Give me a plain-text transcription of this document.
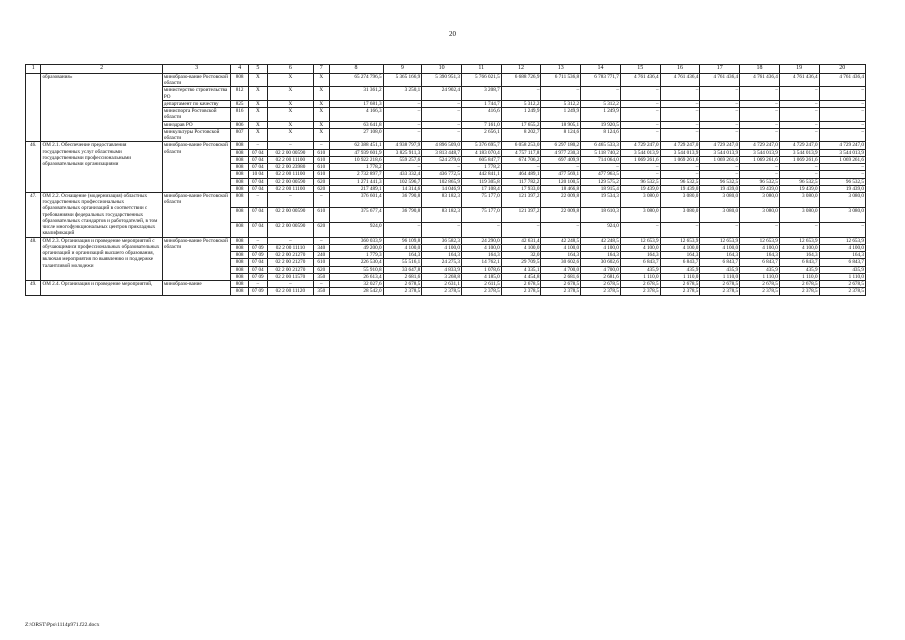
20
1	2	3	4	5	6	7	8	9	10	11	12	13	14	15	16	17	18	19	20
	образования»	минобразо-вание Ростовской области	808	X	X	X	65 274 796,5	5 365 166,9	5 390 951,3	5 766 021,5	6 688 726,9	6 711 536,8	6 783 771,7	4 761 436,4	4 761 436,4	4 761 436,4	4 761 436,4	4 761 436,4	4 761 436,4
		министерство строительства РО	812	X	X	X	31 361,2	3 250,1	24 902,4	3 208,7	–	–	–	–	–	–	–	–	–
		департамент по качеству	825	X	X	X	17 681,3	–	–	1 744,7	5 312,2	5 312,2	5 312,2	–	–	–	–	–	–
		миниспорта Ростовской области	816	X	X	X	4 166,3	–	–	416,6	1 249,9	1 249,9	1 249,9	–	–	–	–	–	–
		минздрав РО	806	X	X	X	63 641,8	–	–	7 161,0	17 655,2	18 905,1	19 920,5	–	–	–	–	–	–
		минкультуры Ростовской области	807	X	X	X	27 108,0	–	–	2 656,1	8 202,7	8 124,6	8 124,6	–	–	–	–	–	–
46.	ОМ 2.1. Обеспечение предоставления государственных услуг областными государственными профессиональными образовательными организациями	минобразо-вание Ростовской области	808	–	–	–	62 388 451,1	4 938 797,9	4 896 509,0	5 376 695,7	6 058 253,0	6 297 180,2	6 465 533,3	4 729 247,0	4 729 247,0	4 729 247,0	4 729 247,0	4 729 247,0	4 729 247,0
			808	07 04	02 2 00 00590	610	47 939 601,9	3 825 911,3	3 813 448,7	4 183 070,4	4 757 117,8	4 977 230,3	5 118 740,2	3 544 013,9	3 544 013,9	3 544 013,9	3 544 013,9	3 544 013,9	3 544 013,9
			808	07 04	02 2 00 11100	610	10 922 218,6	559 257,6	524 279,6	605 847,7	674 706,2	697 409,9	714 064,0	1 069 261,6	1 069 261,6	1 069 261,6	1 069 261,6	1 069 261,6	1 069 261,6
			808	07 04	02 2 00 23980	610	1 778,2	–	–	1 778,2	–	–	–	–	–	–	–	–	–
			808	10 04	02 2 00 11100	610	2 732 897,7	433 332,4	436 772,5	442 841,1	464 489,1	477 569,1	477 963,5	–	–	–	–	–	–
			808	07 04	02 2 00 00590	620	1 271 441,3	102 596,7	102 865,9	119 305,8	117 782,2	120 100,5	129 575,2	96 532,5	96 532,5	96 532,5	96 532,5	96 532,5	96 532,5
			808	07 04	02 2 00 11100	620	217 489,1	14 314,6	14 046,9	17 108,4	17 933,0	18 466,8	18 915,4	19 439,0	19 439,0	19 439,0	19 439,0	19 439,0	19 439,0
47.	ОМ 2.2. Оснащение (модернизация) областных государственных профессиональных образовательных организаций в соответствии с требованиями федеральных государственных образовательных стандартов и работодателей, в том числе многофункциональных центров прикладных квалификаций	минобразо-вание Ростовской области	808	–	–	–	376 601,4	36 790,8	83 182,3	75 177,0	121 397,2	22 009,8	19 534,3	3 080,0	3 080,0	3 080,0	3 080,0	3 080,0	3 080,0
			808	07 04	02 2 00 00590	610	375 677,4	36 790,8	83 182,3	75 177,0	121 397,2	22 009,8	18 610,3	3 080,0	3 080,0	3 080,0	3 080,0	3 080,0	3 080,0
			808	07 04	02 2 00 00590	620	924,0	–	–	–	–	–	924,0	–	–	–	–	–	–
48.	ОМ 2.3. Организация и проведение мероприятий с обучающимися профессиональных образовательных организаций и организаций высшего образования, включая мероприятия по выявлению и поддержке талантливой молодежи	минобразо-вание Ростовской области	808	–	–	–	360 033,9	96 109,8	36 582,3	24 290,0	42 631,4	42 248,5	42 248,5	12 653,9	12 653,9	12 653,9	12 653,9	12 653,9	12 653,9
			808	07 09	02 2 00 11110	340	49 200,0	4 100,0	4 100,0	4 100,0	4 100,0	4 100,0	4 100,0	4 100,0	4 100,0	4 100,0	4 100,0	4 100,0	4 100,0
			808	07 09	02 2 00 21270	240	1 779,3	164,3	164,3	164,3	32,0	164,3	164,3	164,3	164,3	164,3	164,3	164,3	164,3
			808	07 04	02 2 00 21270	610	226 530,4	55 516,1	24 275,3	14 762,1	29 709,5	30 602,6	30 602,6	6 843,7	6 843,7	6 843,7	6 843,7	6 843,7	6 843,7
			808	07 04	02 2 00 21270	620	55 910,8	33 647,8	4 833,9	1 078,6	4 335,1	4 700,0	4 700,0	435,9	435,9	435,9	435,9	435,9	435,9
			808	07 09	02 2 00 11570	350	26 613,4	2 681,6	3 268,8	4 185,0	4 454,8	2 681,6	2 681,6	1 110,0	1 110,0	1 110,0	1 110,0	1 110,0	1 110,0
49.	ОМ 2.4. Организация и проведение мероприятий,	минобразо-вание	808	–	–	–	32 027,6	2 678,5	2 631,1	2 611,5	2 678,5	2 678,5	2 678,5	2 678,5	2 678,5	2 678,5	2 678,5	2 678,5	2 678,5
			808	07 09	02 2 00 11120	350	28 542,0	2 378,5	2 378,5	2 378,5	2 378,5	2 378,5	2 378,5	2 378,5	2 378,5	2 378,5	2 378,5	2 378,5	2 378,5
Z:\ORST\Ppo\1114p971.f22.docx
